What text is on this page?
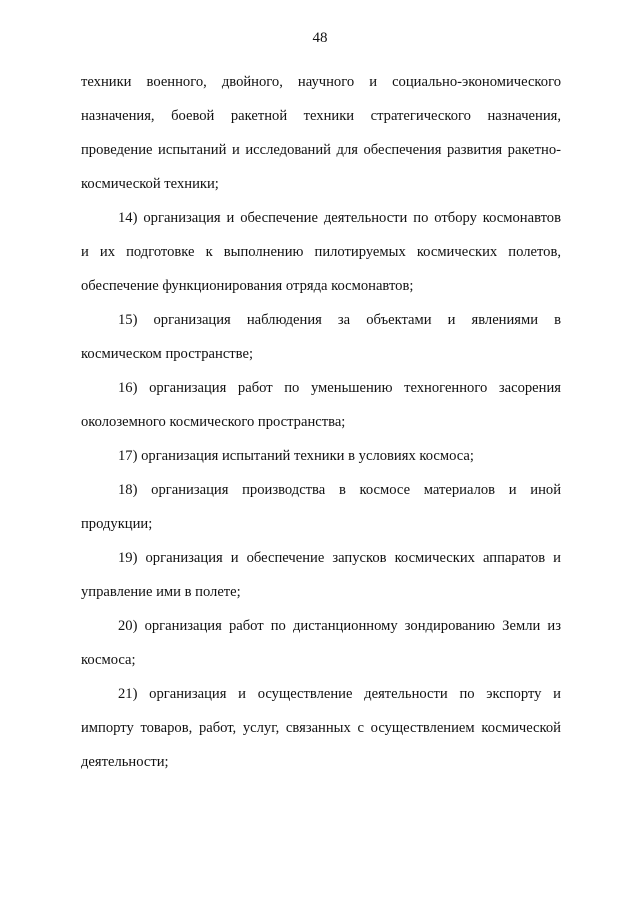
48
техники военного, двойного, научного и социально-экономического
назначения, боевой ракетной техники стратегического назначения,
проведение испытаний и исследований для обеспечения развития ракетно-
космической техники;
14) организация и обеспечение деятельности по отбору космонавтов
и их подготовке к выполнению пилотируемых космических полетов,
обеспечение функционирования отряда космонавтов;
15) организация наблюдения за объектами и явлениями в
космическом пространстве;
16) организация работ по уменьшению техногенного засорения
околоземного космического пространства;
17) организация испытаний техники в условиях космоса;
18) организация производства в космосе материалов и иной
продукции;
19) организация и обеспечение запусков космических аппаратов и
управление ими в полете;
20) организация работ по дистанционному зондированию Земли из
космоса;
21) организация и осуществление деятельности по экспорту и
импорту товаров, работ, услуг, связанных с осуществлением космической
деятельности;
